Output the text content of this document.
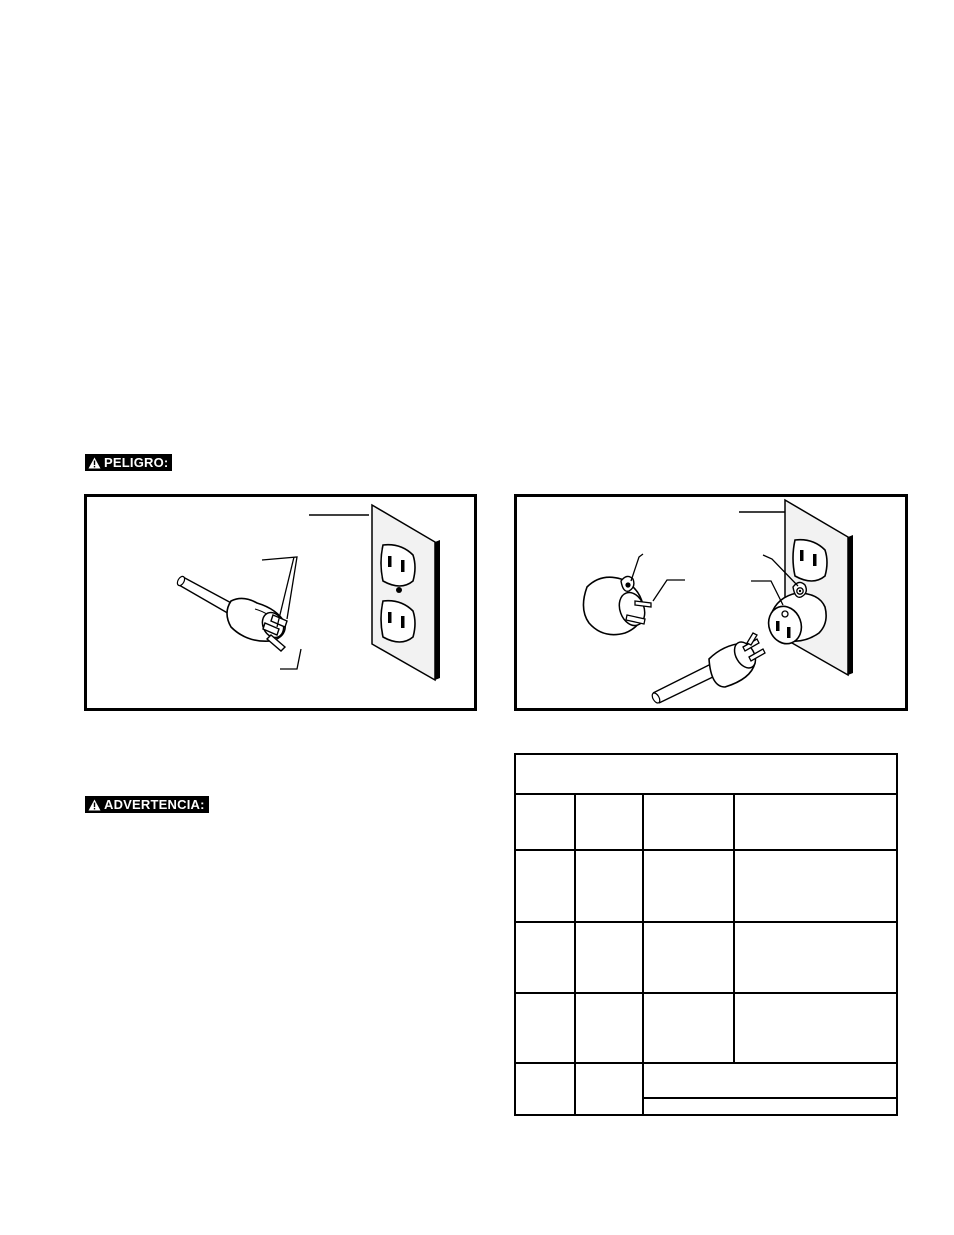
PELIGRO:
ADVERTENCIA:
